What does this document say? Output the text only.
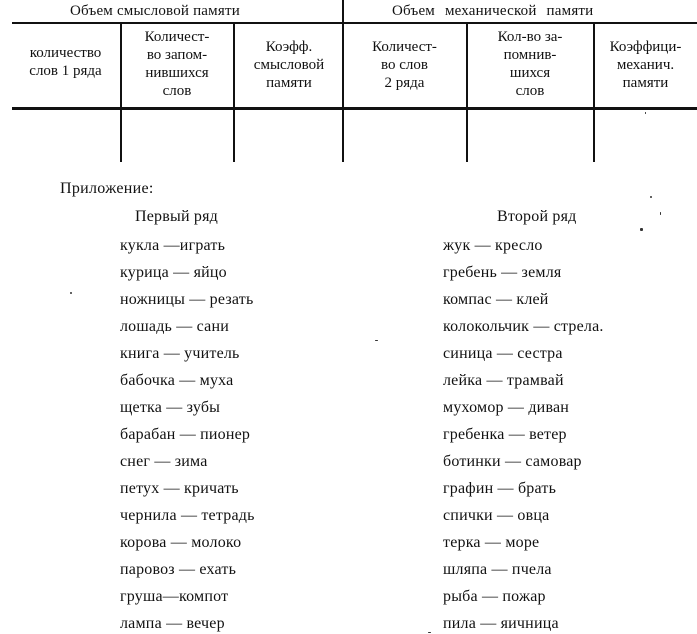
Объем смысловой памяти	Объем механической памяти
количество
слов 1 ряда
Количест-
во запом-
нившихся
слов
Коэфф.
смысловой
памяти
Количест-
во слов
2 ряда
Кол-во за-
помнив-
шихся
слов
Коэффици-
механич.
памяти
Приложение:
Первый ряд	Второй ряд
кукла —играть
курица — яйцо
ножницы — резать
лошадь — сани
книга — учитель
бабочка — муха
щетка — зубы
барабан — пионер
снег — зима
петух — кричать
чернила — тетрадь
корова — молоко
паровоз — ехать
груша—компот
лампа — вечер
жук — кресло
гребень — земля
компас — клей
колокольчик — стрела.
синица — сестра
лейка — трамвай
мухомор — диван
гребенка — ветер
ботинки — самовар
графин — брать
спички — овца
терка — море
шляпа — пчела
рыба — пожар
пила — яичница
